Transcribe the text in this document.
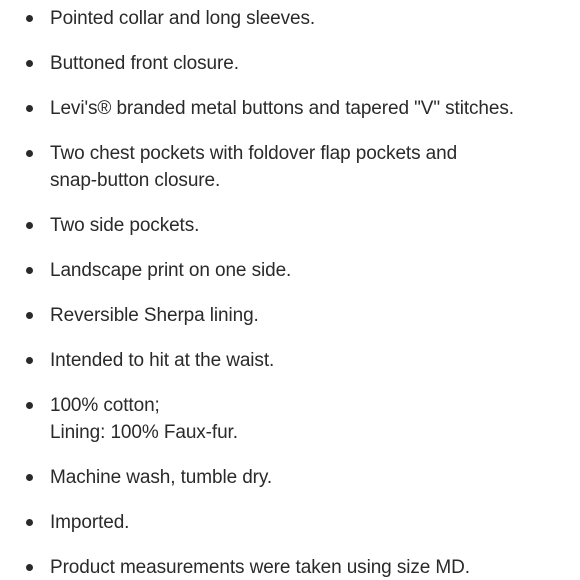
Pointed collar and long sleeves.
Buttoned front closure.
Levi's® branded metal buttons and tapered "V" stitches.
Two chest pockets with foldover flap pockets and
snap-button closure.
Two side pockets.
Landscape print on one side.
Reversible Sherpa lining.
Intended to hit at the waist.
100% cotton;
Lining: 100% Faux-fur.
Machine wash, tumble dry.
Imported.
Product measurements were taken using size MD.
